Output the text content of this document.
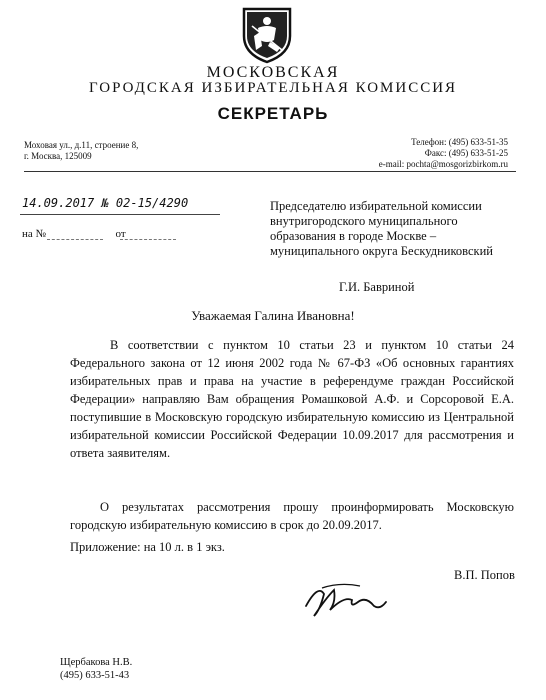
МОСКОВСКАЯ
ГОРОДСКАЯ ИЗБИРАТЕЛЬНАЯ КОМИССИЯ
СЕКРЕТАРЬ
Моховая ул., д.11, строение 8,
г. Москва, 125009
Телефон: (495) 633-51-35
Факс: (495) 633-51-25
e-mail: pochta@mosgorizbirkom.ru
14.09.2017 № 02-15/4290
на №	от
Председателю избирательной комиссии внутригородского муниципального образования в городе Москве – муниципального округа Бескудниковский
Г.И. Бавриной
Уважаемая Галина Ивановна!
В соответствии с пунктом 10 статьи 23 и пунктом 10 статьи 24 Федерального закона от 12 июня 2002 года № 67-ФЗ «Об основных гарантиях избирательных прав и права на участие в референдуме граждан Российской Федерации» направляю Вам обращения Ромашковой А.Ф. и Сорсоровой Е.А. поступившие в Московскую городскую избирательную комиссию из Центральной избирательной комиссии Российской Федерации 10.09.2017 для рассмотрения и ответа заявителям.
О результатах рассмотрения прошу проинформировать Московскую городскую избирательную комиссию в срок до 20.09.2017.
Приложение: на 10 л. в 1 экз.
В.П. Попов
Щербакова Н.В.
(495) 633-51-43
